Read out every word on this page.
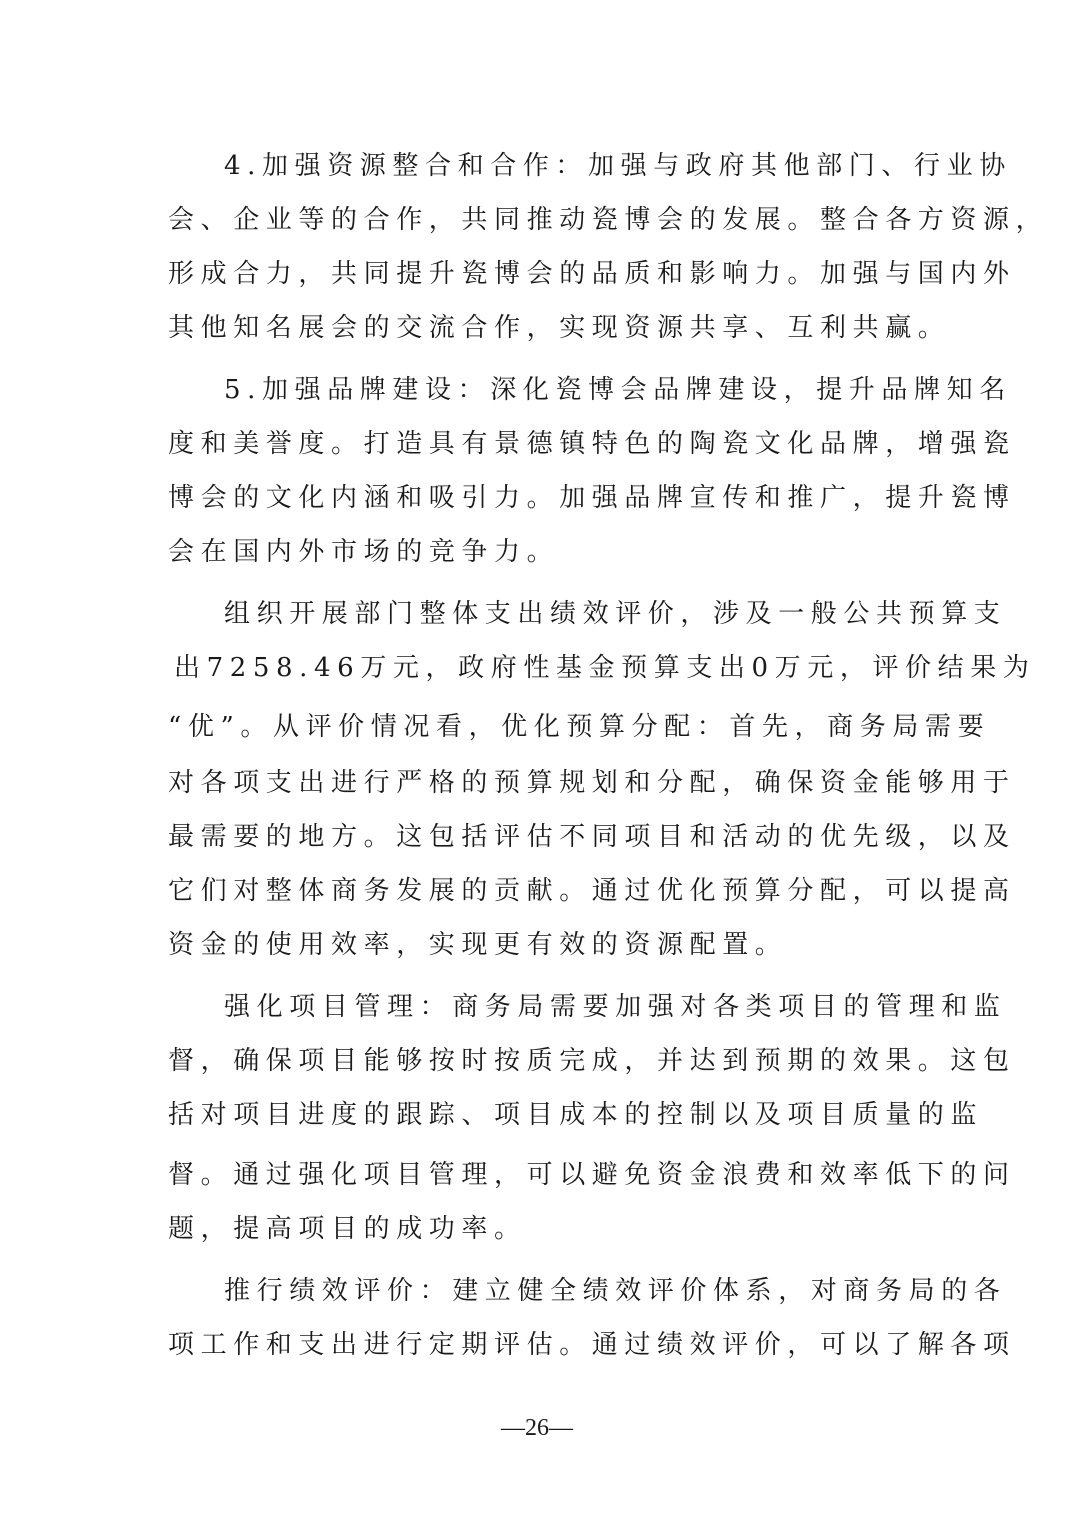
4.加强资源整合和合作：加强与政府其他部门、行业协
会、企业等的合作，共同推动瓷博会的发展。整合各方资源，
形成合力，共同提升瓷博会的品质和影响力。加强与国内外
其他知名展会的交流合作，实现资源共享、互利共赢。
5.加强品牌建设：深化瓷博会品牌建设，提升品牌知名
度和美誉度。打造具有景德镇特色的陶瓷文化品牌，增强瓷
博会的文化内涵和吸引力。加强品牌宣传和推广，提升瓷博
会在国内外市场的竞争力。
组织开展部门整体支出绩效评价，涉及一般公共预算支
出7258.46万元，政府性基金预算支出0万元，评价结果为
“优”。从评价情况看，优化预算分配：首先，商务局需要
对各项支出进行严格的预算规划和分配，确保资金能够用于
最需要的地方。这包括评估不同项目和活动的优先级，以及
它们对整体商务发展的贡献。通过优化预算分配，可以提高
资金的使用效率，实现更有效的资源配置。
强化项目管理：商务局需要加强对各类项目的管理和监
督，确保项目能够按时按质完成，并达到预期的效果。这包
括对项目进度的跟踪、项目成本的控制以及项目质量的监
督。通过强化项目管理，可以避免资金浪费和效率低下的问
题，提高项目的成功率。
推行绩效评价：建立健全绩效评价体系，对商务局的各
项工作和支出进行定期评估。通过绩效评价，可以了解各项
—26—
